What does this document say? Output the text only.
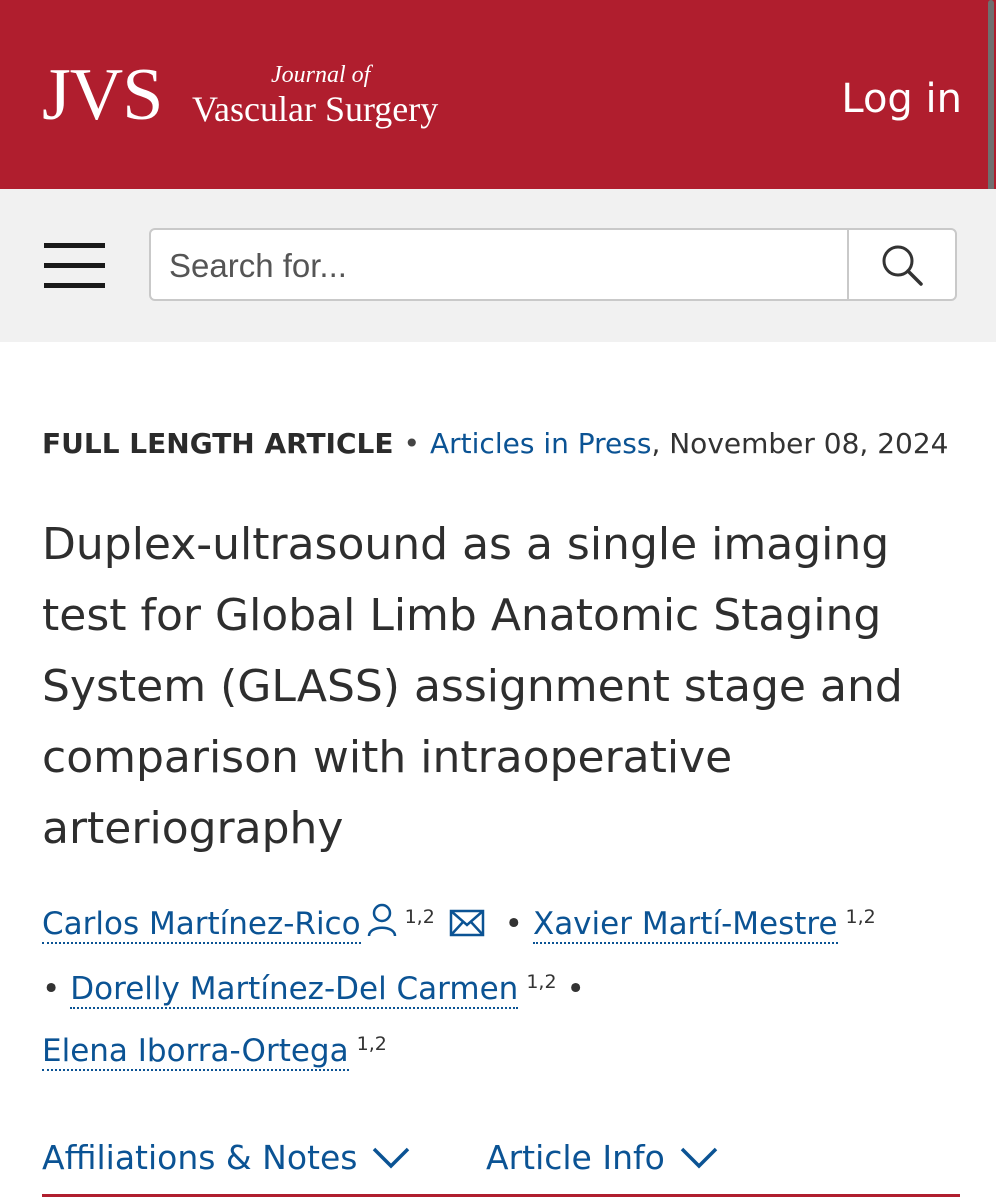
JVS	Journal of
Vascular Surgery	Log in
Search for...
FULL LENGTH ARTICLE • Articles in Press, November 08, 2024
Duplex-ultrasound as a single imaging test for Global Limb Anatomic Staging System (GLASS) assignment stage and comparison with intraoperative arteriography
Carlos Martínez-Rico $^{1,2}$ • Xavier Martí-Mestre $^{1,2}$
• Dorelly Martínez-Del Carmen $^{1,2}$ •
Elena Iborra-Ortega $^{1,2}$
Affiliations & Notes	Article Info
